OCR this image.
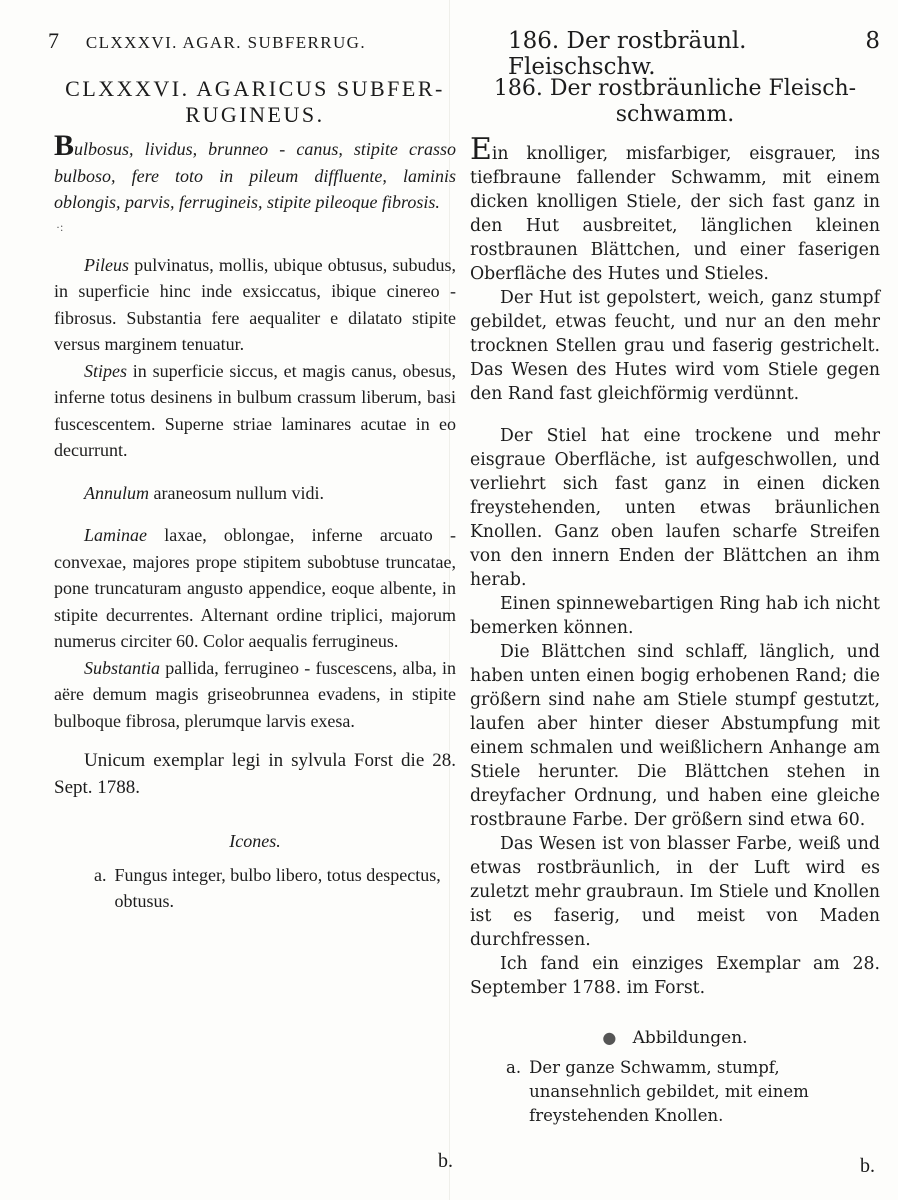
7 CLXXXVI. AGAR. SUBFERRUG.
CLXXXVI. AGARICUS SUBFER-
RUGINEUS.

Bulbosus, lividus, brunneo - canus, stipite crasso bulboso, fere toto in pileum diffluente, laminis oblongis, parvis, ferrugineis, stipite pileoque fibrosis.

·:

Pileus pulvinatus, mollis, ubique obtusus, subudus, in superficie hinc inde exsiccatus, ibique cinereo - fibrosus. Substantia fere aequaliter e dilatato stipite versus marginem tenuatur.

Stipes in superficie siccus, et magis canus, obesus, inferne totus desinens in bulbum crassum liberum, basi fuscescentem. Superne striae laminares acutae in eo decurrunt.

Annulum araneosum nullum vidi.

Laminae laxae, oblongae, inferne arcuato - convexae, majores prope stipitem subobtuse truncatae, pone truncaturam angusto appendice, eoque albente, in stipite decurrentes. Alternant ordine triplici, majorum numerus circiter 60. Color aequalis ferrugineus.

Substantia pallida, ferrugineo - fuscescens, alba, in aëre demum magis griseobrunnea evadens, in stipite bulboque fibrosa, plerumque larvis exesa.

Unicum exemplar legi in sylvula Forst die 28. Sept. 1788.

Icones.
a. Fungus integer, bulbo libero, totus despectus, obtusus.
b.
186. Der rostbräunl. Fleischschw.
8
186. Der rostbräunliche Fleisch-
schwamm.

Ein knolliger, misfarbiger, eisgrauer, ins tiefbraune fallender Schwamm, mit einem dicken knolligen Stiele, der sich fast ganz in den Hut ausbreitet, länglichen kleinen rostbraunen Blättchen, und einer faserigen Oberfläche des Hutes und Stieles.

Der Hut ist gepolstert, weich, ganz stumpf gebildet, etwas feucht, und nur an den mehr trocknen Stellen grau und faserig gestrichelt. Das Wesen des Hutes wird vom Stiele gegen den Rand fast gleichförmig verdünnt.

Der Stiel hat eine trockene und mehr eisgraue Oberfläche, ist aufgeschwollen, und verliehrt sich fast ganz in einen dicken freystehenden, unten etwas bräunlichen Knollen. Ganz oben laufen scharfe Streifen von den innern Enden der Blättchen an ihm herab.

Einen spinnewebartigen Ring hab ich nicht bemerken können.

Die Blättchen sind schlaff, länglich, und haben unten einen bogig erhobenen Rand; die größern sind nahe am Stiele stumpf gestutzt, laufen aber hinter dieser Abstumpfung mit einem schmalen und weißlichern Anhange am Stiele herunter. Die Blättchen stehen in dreyfacher Ordnung, und haben eine gleiche rostbraune Farbe. Der größern sind etwa 60.

Das Wesen ist von blasser Farbe, weiß und etwas rostbräunlich, in der Luft wird es zuletzt mehr graubraun. Im Stiele und Knollen ist es faserig, und meist von Maden durchfressen.

Ich fand ein einziges Exemplar am 28. September 1788. im Forst.

● Abbildungen.
a. Der ganze Schwamm, stumpf, unansehnlich gebildet, mit einem freystehenden Knollen.
b.
